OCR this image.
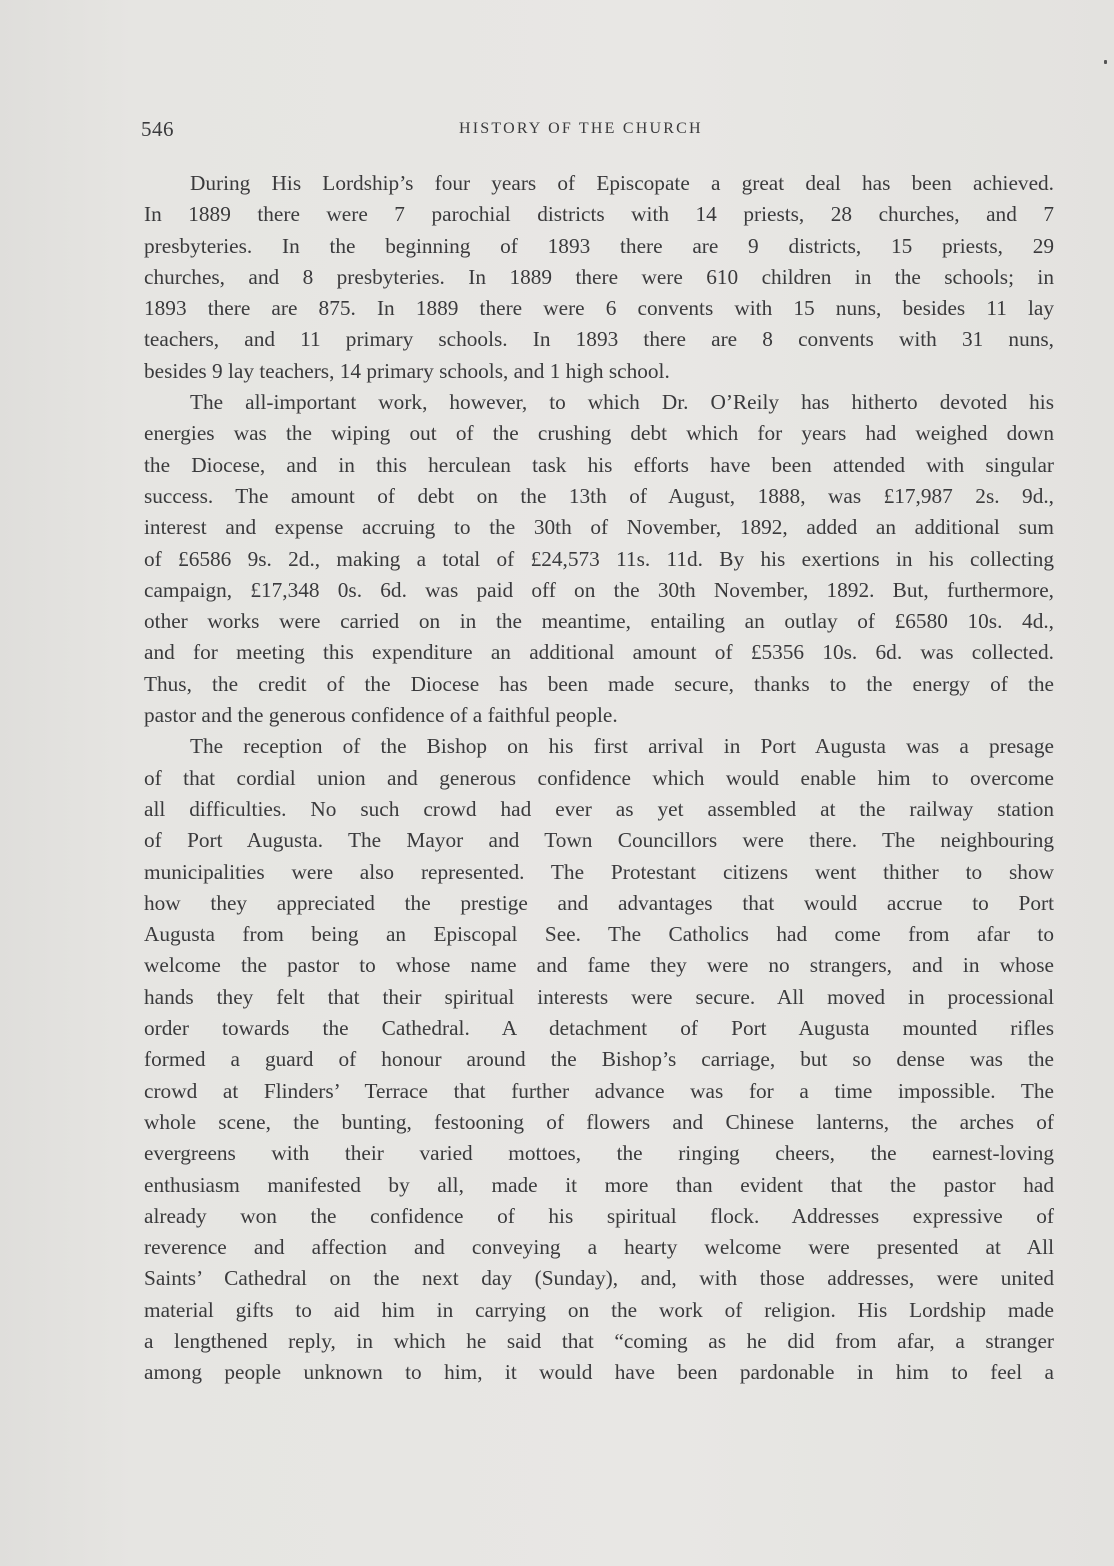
546	HISTORY OF THE CHURCH
During His Lordship’s four years of Episcopate a great deal has been achieved.
In 1889 there were 7 parochial districts with 14 priests, 28 churches, and 7
presbyteries. In the beginning of 1893 there are 9 districts, 15 priests, 29
churches, and 8 presbyteries. In 1889 there were 610 children in the schools; in
1893 there are 875. In 1889 there were 6 convents with 15 nuns, besides 11 lay
teachers, and 11 primary schools. In 1893 there are 8 convents with 31 nuns,
besides 9 lay teachers, 14 primary schools, and 1 high school.
The all-important work, however, to which Dr. O’Reily has hitherto devoted his
energies was the wiping out of the crushing debt which for years had weighed down
the Diocese, and in this herculean task his efforts have been attended with singular
success. The amount of debt on the 13th of August, 1888, was £17,987 2s. 9d.,
interest and expense accruing to the 30th of November, 1892, added an additional sum
of £6586 9s. 2d., making a total of £24,573 11s. 11d. By his exertions in his collecting
campaign, £17,348 0s. 6d. was paid off on the 30th November, 1892. But, furthermore,
other works were carried on in the meantime, entailing an outlay of £6580 10s. 4d.,
and for meeting this expenditure an additional amount of £5356 10s. 6d. was collected.
Thus, the credit of the Diocese has been made secure, thanks to the energy of the
pastor and the generous confidence of a faithful people.
The reception of the Bishop on his first arrival in Port Augusta was a presage
of that cordial union and generous confidence which would enable him to overcome
all difficulties. No such crowd had ever as yet assembled at the railway station
of Port Augusta. The Mayor and Town Councillors were there. The neighbouring
municipalities were also represented. The Protestant citizens went thither to show
how they appreciated the prestige and advantages that would accrue to Port
Augusta from being an Episcopal See. The Catholics had come from afar to
welcome the pastor to whose name and fame they were no strangers, and in whose
hands they felt that their spiritual interests were secure. All moved in processional
order towards the Cathedral. A detachment of Port Augusta mounted rifles
formed a guard of honour around the Bishop’s carriage, but so dense was the
crowd at Flinders’ Terrace that further advance was for a time impossible. The
whole scene, the bunting, festooning of flowers and Chinese lanterns, the arches of
evergreens with their varied mottoes, the ringing cheers, the earnest-loving
enthusiasm manifested by all, made it more than evident that the pastor had
already won the confidence of his spiritual flock. Addresses expressive of
reverence and affection and conveying a hearty welcome were presented at All
Saints’ Cathedral on the next day (Sunday), and, with those addresses, were united
material gifts to aid him in carrying on the work of religion. His Lordship made
a lengthened reply, in which he said that “coming as he did from afar, a stranger
among people unknown to him, it would have been pardonable in him to feel a
